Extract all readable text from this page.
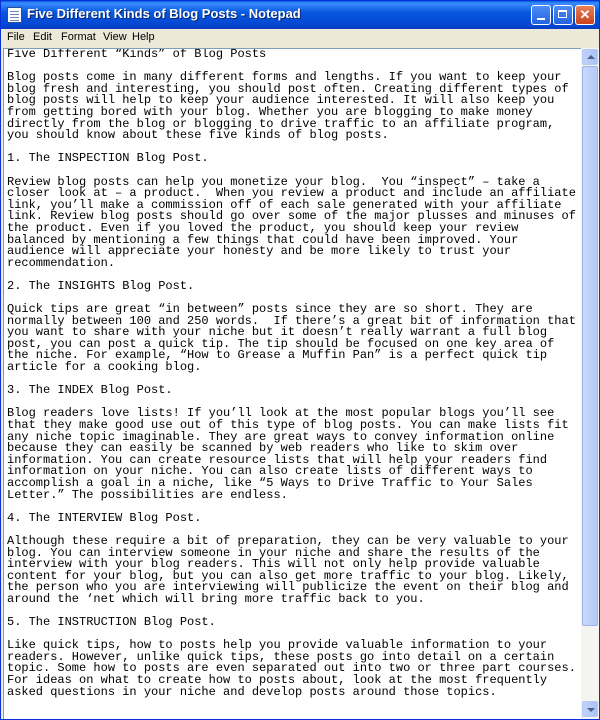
Five Different Kinds of Blog Posts - Notepad	✕
File Edit Format View Help
Five Different “Kinds” of Blog Posts

Blog posts come in many different forms and lengths. If you want to keep your
blog fresh and interesting, you should post often. Creating different types of
blog posts will help to keep your audience interested. It will also keep you
from getting bored with your blog. Whether you are blogging to make money
directly from the blog or blogging to drive traffic to an affiliate program,
you should know about these five kinds of blog posts.

1. The INSPECTION Blog Post.

Review blog posts can help you monetize your blog.  You “inspect” – take a
closer look at – a product.  When you review a product and include an affiliate
link, you’ll make a commission off of each sale generated with your affiliate
link. Review blog posts should go over some of the major plusses and minuses of
the product. Even if you loved the product, you should keep your review
balanced by mentioning a few things that could have been improved. Your
audience will appreciate your honesty and be more likely to trust your
recommendation.

2. The INSIGHTS Blog Post.

Quick tips are great “in between” posts since they are so short. They are
normally between 100 and 250 words.  If there’s a great bit of information that
you want to share with your niche but it doesn’t really warrant a full blog
post, you can post a quick tip. The tip should be focused on one key area of
the niche. For example, “How to Grease a Muffin Pan” is a perfect quick tip
article for a cooking blog.

3. The INDEX Blog Post.

Blog readers love lists! If you’ll look at the most popular blogs you’ll see
that they make good use out of this type of blog posts. You can make lists fit
any niche topic imaginable. They are great ways to convey information online
because they can easily be scanned by web readers who like to skim over
information. You can create resource lists that will help your readers find
information on your niche. You can also create lists of different ways to
accomplish a goal in a niche, like “5 Ways to Drive Traffic to Your Sales
Letter.” The possibilities are endless.

4. The INTERVIEW Blog Post.

Although these require a bit of preparation, they can be very valuable to your
blog. You can interview someone in your niche and share the results of the
interview with your blog readers. This will not only help provide valuable
content for your blog, but you can also get more traffic to your blog. Likely,
the person who you are interviewing will publicize the event on their blog and
around the ‘net which will bring more traffic back to you.

5. The INSTRUCTION Blog Post.

Like quick tips, how to posts help you provide valuable information to your
readers. However, unlike quick tips, these posts go into detail on a certain
topic. Some how to posts are even separated out into two or three part courses.
For ideas on what to create how to posts about, look at the most frequently
asked questions in your niche and develop posts around those topics.
